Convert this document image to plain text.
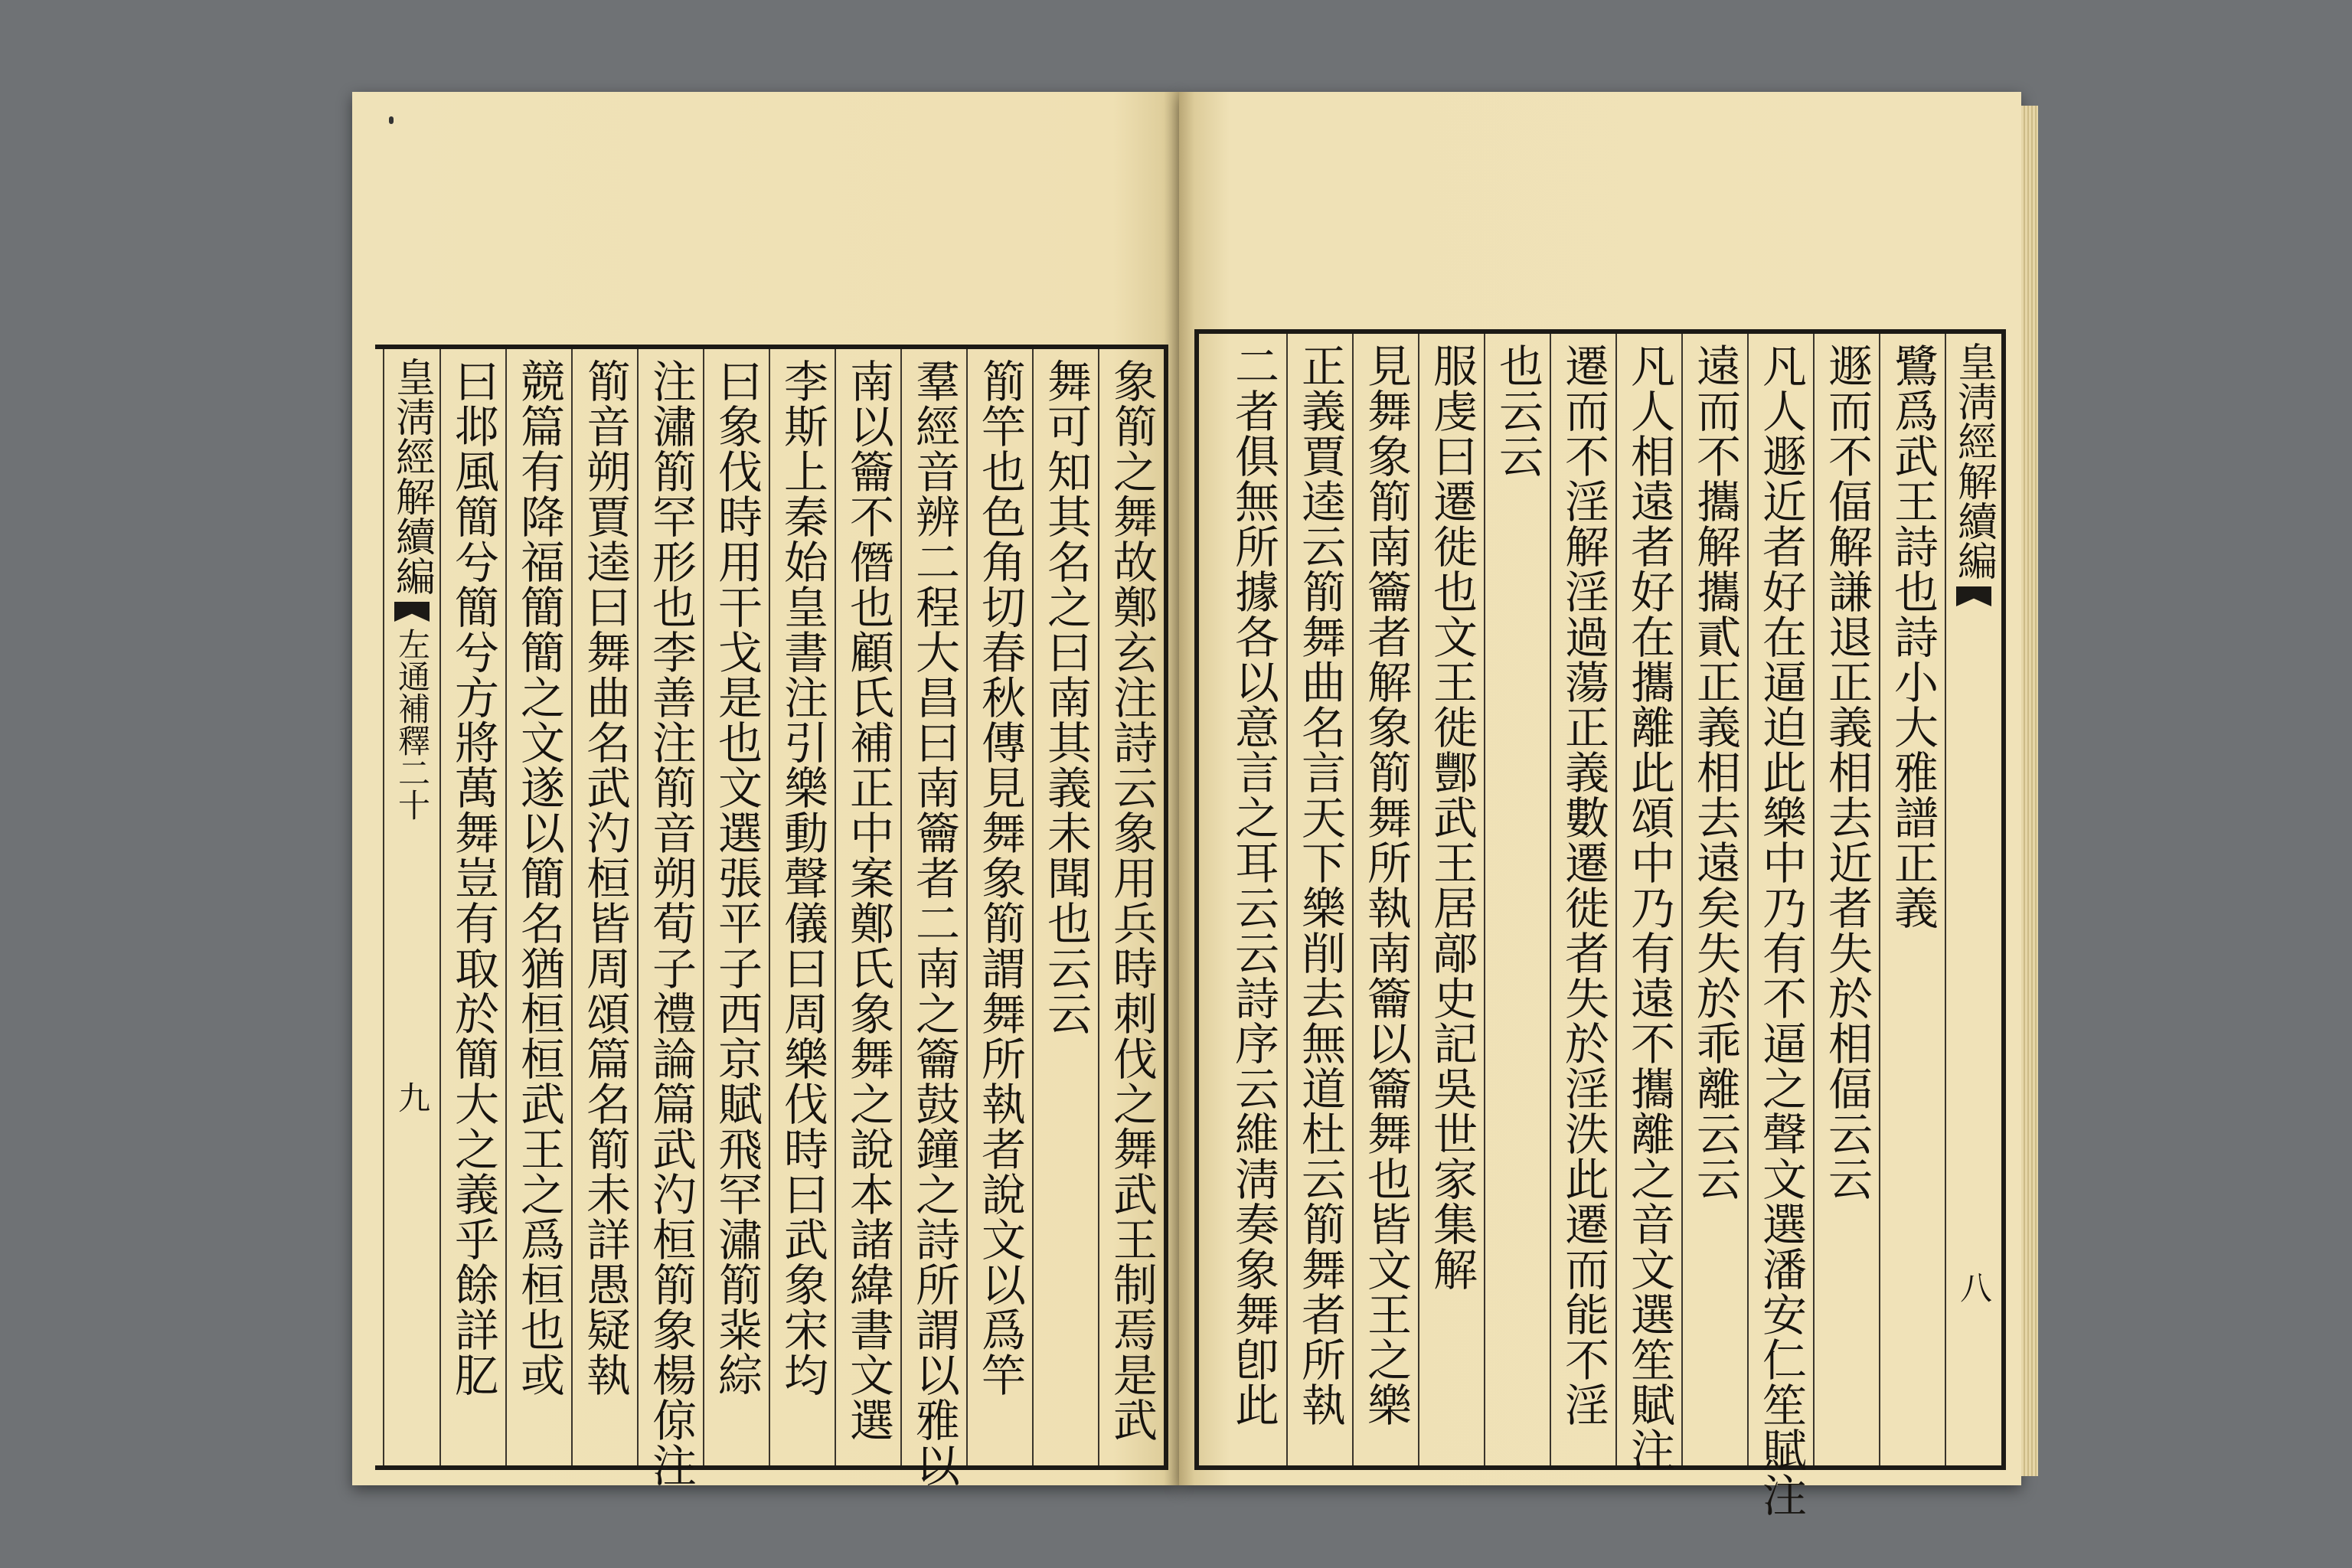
象箾之舞故鄭玄注詩云象用兵時刺伐之舞武王制焉是武
舞可知其名之曰南其義未聞也云云
箾竿也色角切春秋傳見舞象箾謂舞所執者說文以爲竿
羣經音辨二程大昌曰南籥者二南之籥鼓鐘之詩所謂以雅以
南以籥不僭也顧氏補正中案鄭氏象舞之說本諸緯書文選
李斯上秦始皇書注引樂動聲儀曰周樂伐時曰武象宋均
曰象伐時用干戈是也文選張平子西京賦飛罕潚箾䉾綜
注潚箾罕形也李善注箾音朔荀子禮論篇武汋桓箾象楊倞注
箾音朔賈逵曰舞曲名武汋桓皆周頌篇名箾未詳愚疑執
競篇有降福簡簡之文遂以簡名猶桓桓武王之爲桓也或
曰邶風簡兮簡兮方將萬舞豈有取於簡大之義乎餘詳肊
皇淸經解續編
左通補釋二十
九
皇淸經解續編
八
鷺爲武王詩也詩小大雅譜正義
遯而不偪解謙退正義相去近者失於相偪云云
凡人遯近者好在逼迫此樂中乃有不逼之聲文選潘安仁笙賦注
遠而不攜解攜貳正義相去遠矣失於乖離云云
凡人相遠者好在攜離此頌中乃有遠不攜離之音文選笙賦注
遷而不淫解淫過蕩正義數遷徙者失於淫泆此遷而能不淫
也云云
服虔曰遷徙也文王徙酆武王居鄗史記吳世家集解
見舞象箾南籥者解象箾舞所執南籥以籥舞也皆文王之樂
正義賈逵云箾舞曲名言天下樂削去無道杜云箾舞者所執
二者俱無所據各以意言之耳云云詩序云維淸奏象舞卽此
